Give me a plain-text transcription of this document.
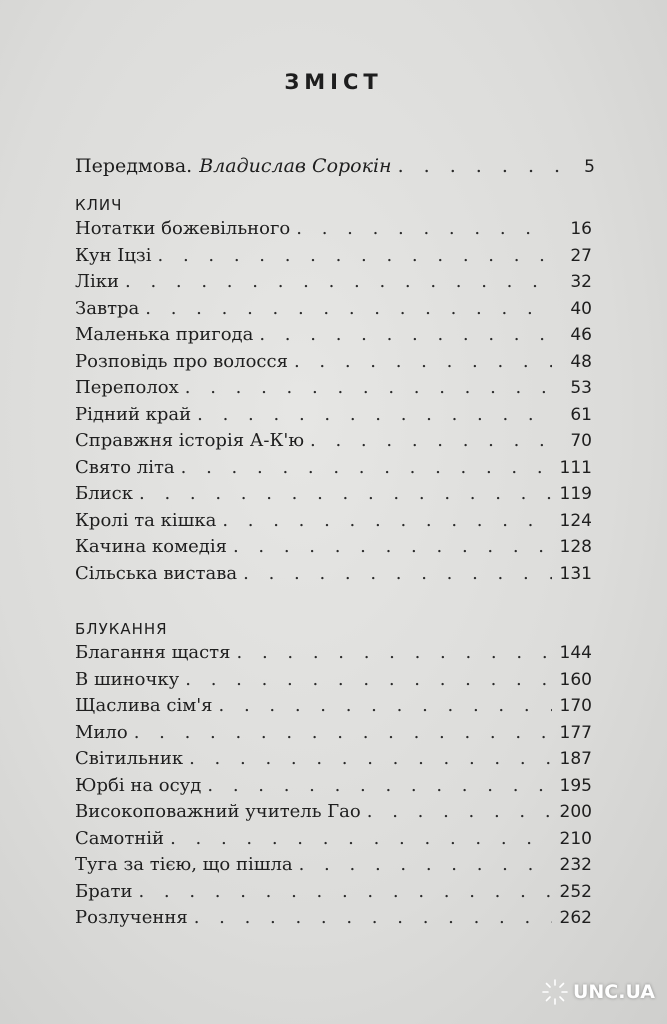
ЗМІСТ
Передмова. Владислав Сорокін . . .	5
КЛИЧ
Нотатки божевільного . . .	16
Кун Іцзі . . .	27
Ліки . . .	32
Завтра . . .	40
Маленька пригода . . .	46
Розповідь про волосся . . .	48
Переполох . . .	53
Рідний край . . .	61
Справжня історія А-К'ю . . .	70
Свято літа . . .	111
Блиск . . .	119
Кролі та кішка . . .	124
Качина комедія . . .	128
Сільська вистава . . .	131
БЛУКАННЯ
Благання щастя . . .	144
В шиночку . . .	160
Щаслива сім'я . . .	170
Мило . . .	177
Світильник . . .	187
Юрбі на осуд . . .	195
Високоповажний учитель Гао . . .	200
Самотній . . .	210
Туга за тією, що пішла . . .	232
Брати . . .	252
Розлучення . . .	262
UNC.UA
